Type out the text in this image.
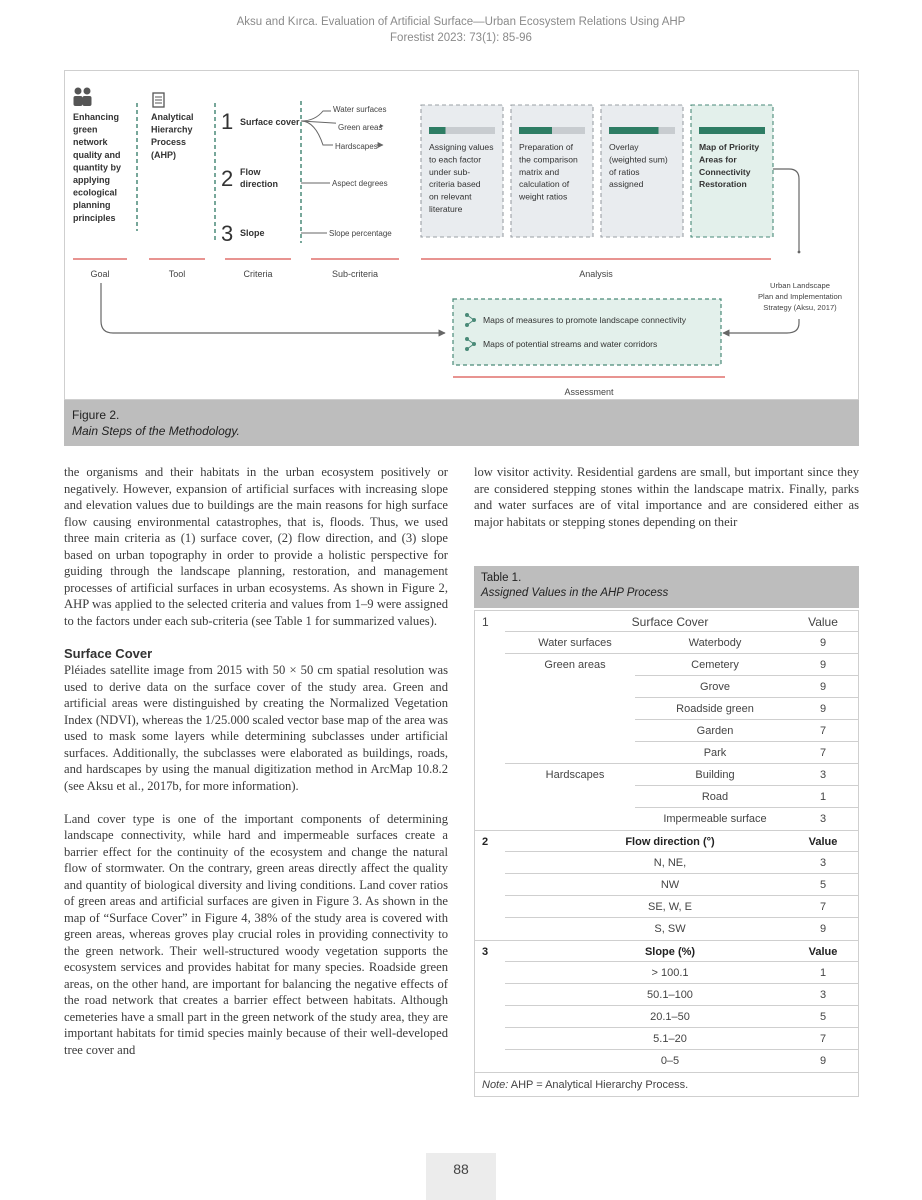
Aksu and Kırca. Evaluation of Artificial Surface—Urban Ecosystem Relations Using AHP
Forestist 2023: 73(1): 85-96
Enhancing green network quality and quantity by applying ecological planning principles
Analytical Hierarchy Process (AHP)
1 Surface cover
2 Flow direction
3 Slope
Water surfaces
Green areas
Hardscapes
Aspect degrees
Slope percentage
Assigning values to each factor under sub-criteria based on relevant literature
Preparation of the comparison matrix and calculation of weight ratios
Overlay (weighted sum) of ratios assigned
Map of Priority Areas for Connectivity Restoration
Goal	Tool	Criteria	Sub-criteria	Analysis
Assessment
Urban Landscape Plan and Implementation Strategy (Aksu, 2017)
Maps of measures to promote landscape connectivity
Maps of potential streams and water corridors
Figure 2.
Main Steps of the Methodology.

the organisms and their habitats in the urban ecosystem positively or negatively. However, expansion of artificial surfaces with increasing slope and elevation values due to buildings are the main reasons for high surface flow causing environmental catastrophes, that is, floods. Thus, we used three main criteria as (1) surface cover, (2) flow direction, and (3) slope based on urban topography in order to provide a holistic perspective for guiding through the landscape planning, restoration, and management processes of artificial surfaces in urban ecosystems. As shown in Figure 2, AHP was applied to the selected criteria and values from 1–9 were assigned to the factors under each sub-criteria (see Table 1 for summarized values).

Surface Cover

Pléiades satellite image from 2015 with 50 × 50 cm spatial resolution was used to derive data on the surface cover of the study area. Green and artificial areas were distinguished by creating the Normalized Vegetation Index (NDVI), whereas the 1/25.000 scaled vector base map of the area was used to mask some layers while determining subclasses under artificial surfaces. Additionally, the subclasses were elaborated as buildings, roads, and hardscapes by using the manual digitization method in ArcMap 10.8.2 (see Aksu et al., 2017b, for more information).

Land cover type is one of the important components of determining landscape connectivity, while hard and impermeable surfaces create a barrier effect for the continuity of the ecosystem and change the natural flow of stormwater. On the contrary, green areas directly affect the quality and quantity of biological diversity and living conditions. Land cover ratios of green areas and artificial surfaces are given in Figure 3. As shown in the map of “Surface Cover” in Figure 4, 38% of the study area is covered with green areas, whereas groves play crucial roles in providing connectivity to the green network. Their well-structured woody vegetation supports the ecosystem services and provides habitat for many species. Roadside green areas, on the other hand, are important for balancing the negative effects of the road network that creates a barrier effect between habitats. Although cemeteries have a small part in the green network of the study area, they are important habitats for timid species mainly because of their well-developed tree cover and

low visitor activity. Residential gardens are small, but important since they are considered stepping stones within the landscape matrix. Finally, parks and water surfaces are of vital importance and are considered either as major habitats or stepping stones depending on their

Table 1.
Assigned Values in the AHP Process
1	Surface Cover	Value
Water surfaces	Waterbody	9
Green areas	Cemetery	9
Grove	9
Roadside green	9
Garden	7
Park	7
Hardscapes	Building	3
Road	1
Impermeable surface	3
2	Flow direction (°)	Value
N, NE,	3
NW	5
SE, W, E	7
S, SW	9
3	Slope (%)	Value
> 100.1	1
50.1–100	3
20.1–50	5
5.1–20	7
0–5	9
Note: AHP = Analytical Hierarchy Process.
88
